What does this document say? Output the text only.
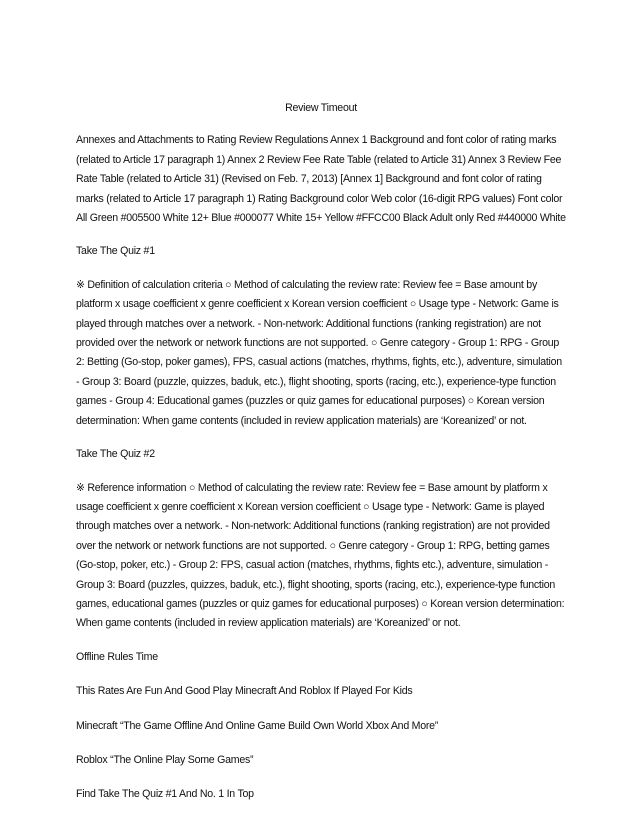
Review Timeout
Annexes and Attachments to Rating Review Regulations Annex 1 Background and font color of rating marks (related to Article 17 paragraph 1) Annex 2 Review Fee Rate Table (related to Article 31) Annex 3 Review Fee Rate Table (related to Article 31) (Revised on Feb. 7, 2013) [Annex 1] Background and font color of rating marks (related to Article 17 paragraph 1) Rating Background color Web color (16-digit RPG values) Font color All Green #005500 White 12+ Blue #000077 White 15+ Yellow #FFCC00 Black Adult only Red #440000 White
Take The Quiz #1
※ Definition of calculation criteria ○ Method of calculating the review rate: Review fee = Base amount by platform x usage coefficient x genre coefficient x Korean version coefficient ○ Usage type - Network: Game is played through matches over a network. - Non-network: Additional functions (ranking registration) are not provided over the network or network functions are not supported. ○ Genre category - Group 1: RPG - Group 2: Betting (Go-stop, poker games), FPS, casual actions (matches, rhythms, fights, etc.), adventure, simulation - Group 3: Board (puzzle, quizzes, baduk, etc.), flight shooting, sports (racing, etc.), experience-type function games - Group 4: Educational games (puzzles or quiz games for educational purposes) ○ Korean version determination: When game contents (included in review application materials) are ‘Koreanized’ or not.
Take The Quiz #2
※ Reference information ○ Method of calculating the review rate: Review fee = Base amount by platform x usage coefficient x genre coefficient x Korean version coefficient ○ Usage type - Network: Game is played through matches over a network. - Non-network: Additional functions (ranking registration) are not provided over the network or network functions are not supported. ○ Genre category - Group 1: RPG, betting games (Go-stop, poker, etc.) - Group 2: FPS, casual action (matches, rhythms, fights etc.), adventure, simulation - Group 3: Board (puzzles, quizzes, baduk, etc.), flight shooting, sports (racing, etc.), experience-type function games, educational games (puzzles or quiz games for educational purposes) ○ Korean version determination: When game contents (included in review application materials) are ‘Koreanized’ or not.
Offline Rules Time
This Rates Are Fun And Good Play Minecraft And Roblox If Played For Kids
Minecraft “The Game Offline And Online Game Build Own World Xbox And More”
Roblox “The Online Play Some Games”
Find Take The Quiz #1 And No. 1 In Top
